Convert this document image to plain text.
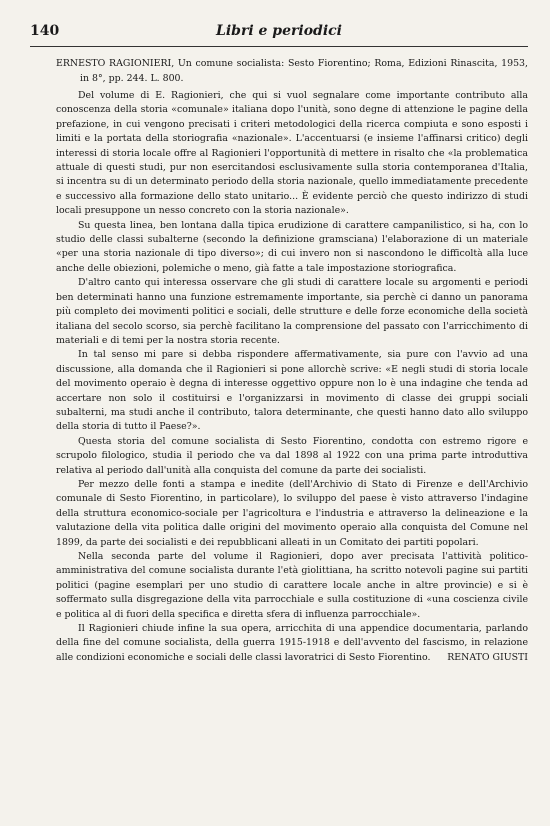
140	Libri e periodici

ERNESTO RAGIONIERI, Un comune socialista: Sesto Fiorentino; Roma, Edizioni Rinascita, 1953, in 8°, pp. 244. L. 800.

Del volume di E. Ragionieri, che qui si vuol segnalare come importante contributo alla conoscenza della storia «comunale» italiana dopo l'unità, sono degne di attenzione le pagine della prefazione, in cui vengono precisati i criteri metodologici della ricerca compiuta e sono esposti i limiti e la portata della storiografia «nazionale». L'accentuarsi (e insieme l'affinarsi critico) degli interessi di storia locale offre al Ragionieri l'opportunità di mettere in risalto che «la problematica attuale di questi studi, pur non esercitandosi esclusivamente sulla storia contemporanea d'Italia, si incentra su di un determinato periodo della storia nazionale, quello immediatamente precedente e successivo alla formazione dello stato unitario... È evidente perciò che questo indirizzo di studi locali presuppone un nesso concreto con la storia nazionale».

Su questa linea, ben lontana dalla tipica erudizione di carattere campanilistico, si ha, con lo studio delle classi subalterne (secondo la definizione gramsciana) l'elaborazione di un materiale «per una storia nazionale di tipo diverso»; di cui invero non si nascondono le difficoltà alla luce anche delle obiezioni, polemiche o meno, già fatte a tale impostazione storiografica.

D'altro canto qui interessa osservare che gli studi di carattere locale su argomenti e periodi ben determinati hanno una funzione estremamente importante, sia perchè ci danno un panorama più completo dei movimenti politici e sociali, delle strutture e delle forze economiche della società italiana del secolo scorso, sia perchè facilitano la comprensione del passato con l'arricchimento di materiali e di temi per la nostra storia recente.

In tal senso mi pare si debba rispondere affermativamente, sia pure con l'avvio ad una discussione, alla domanda che il Ragionieri si pone allorchè scrive: «E negli studi di storia locale del movimento operaio è degna di interesse oggettivo oppure non lo è una indagine che tenda ad accertare non solo il costituirsi e l'organizzarsi in movimento di classe dei gruppi sociali subalterni, ma studi anche il contributo, talora determinante, che questi hanno dato allo sviluppo della storia di tutto il Paese?».

Questa storia del comune socialista di Sesto Fiorentino, condotta con estremo rigore e scrupolo filologico, studia il periodo che va dal 1898 al 1922 con una prima parte introduttiva relativa al periodo dall'unità alla conquista del comune da parte dei socialisti.

Per mezzo delle fonti a stampa e inedite (dell'Archivio di Stato di Firenze e dell'Archivio comunale di Sesto Fiorentino, in particolare), lo sviluppo del paese è visto attraverso l'indagine della struttura economico-sociale per l'agricoltura e l'industria e attraverso la delineazione e la valutazione della vita politica dalle origini del movimento operaio alla conquista del Comune nel 1899, da parte dei socialisti e dei repubblicani alleati in un Comitato dei partiti popolari.

Nella seconda parte del volume il Ragionieri, dopo aver precisata l'attività politico-amministrativa del comune socialista durante l'età giolittiana, ha scritto notevoli pagine sui partiti politici (pagine esemplari per uno studio di carattere locale anche in altre provincie) e si è soffermato sulla disgregazione della vita parrocchiale e sulla costituzione di «una coscienza civile e politica al di fuori della specifica e diretta sfera di influenza parrocchiale».

Il Ragionieri chiude infine la sua opera, arricchita di una appendice documentaria, parlando della fine del comune socialista, della guerra 1915-1918 e dell'avvento del fascismo, in relazione alle condizioni economiche e sociali delle classi lavoratrici di Sesto Fiorentino.	RENATO GIUSTI
